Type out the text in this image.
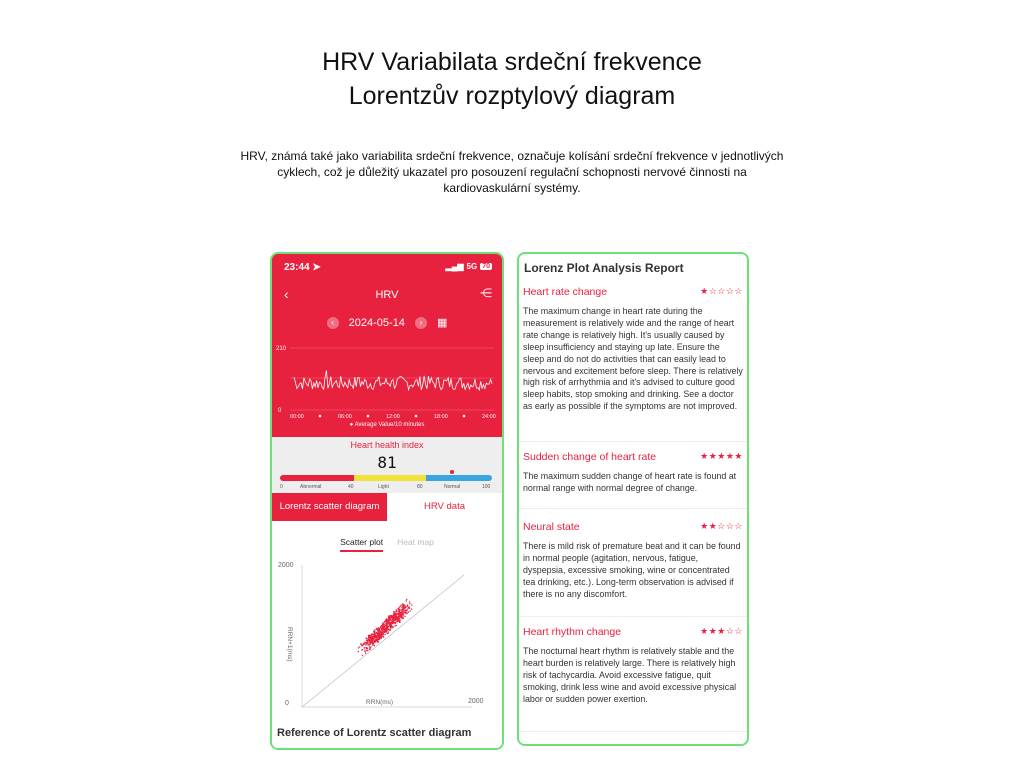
HRV Variabilata srdeční frekvence
Lorentzův rozptylový diagram
HRV, známá také jako variabilita srdeční frekvence, označuje kolísání srdeční frekvence v jednotlivých cyklech, což je důležitý ukazatel pro posouzení regulační schopnosti nervové činnosti na kardiovaskulární systémy.
23:44 ➤	▂▄▆ 5G 70
‹	HRV	⋲
‹	2024-05-14	›	▦
210
0
00:00	06:00	12:00	18:00	24:00
● Average Value/10 minutes
Heart health index
81
0	Abnormal	40	Light	80	Normal	100
Lorentz scatter diagram	HRV data
Scatter plot Heat map
2000
0	2000
RRN(ms)
RRN+1(ms)
Reference of Lorentz scatter diagram
Lorenz Plot Analysis Report
Heart rate change	★☆☆☆☆
The maximum change in heart rate during the measurement is relatively wide and the range of heart rate change is relatively high. It's usually caused by sleep insufficiency and staying up late. Ensure the sleep and do not do activities that can easily lead to nervous and excitement before sleep. There is relatively high risk of arrhythmia and it's advised to culture good sleep habits, stop smoking and drinking. See a doctor as early as possible if the symptoms are not improved.
Sudden change of heart rate	★★★★★
The maximum sudden change of heart rate is found at normal range with normal degree of change.
Neural state	★★☆☆☆
There is mild risk of premature beat and it can be found in normal people (agitation, nervous, fatigue, dyspepsia, excessive smoking, wine or concentrated tea drinking, etc.). Long-term observation is advised if there is no any discomfort.
Heart rhythm change	★★★☆☆
The nocturnal heart rhythm is relatively stable and the heart burden is relatively large. There is relatively high risk of tachycardia. Avoid excessive fatigue, quit smoking, drink less wine and avoid excessive physical labor or sudden power exertion.
